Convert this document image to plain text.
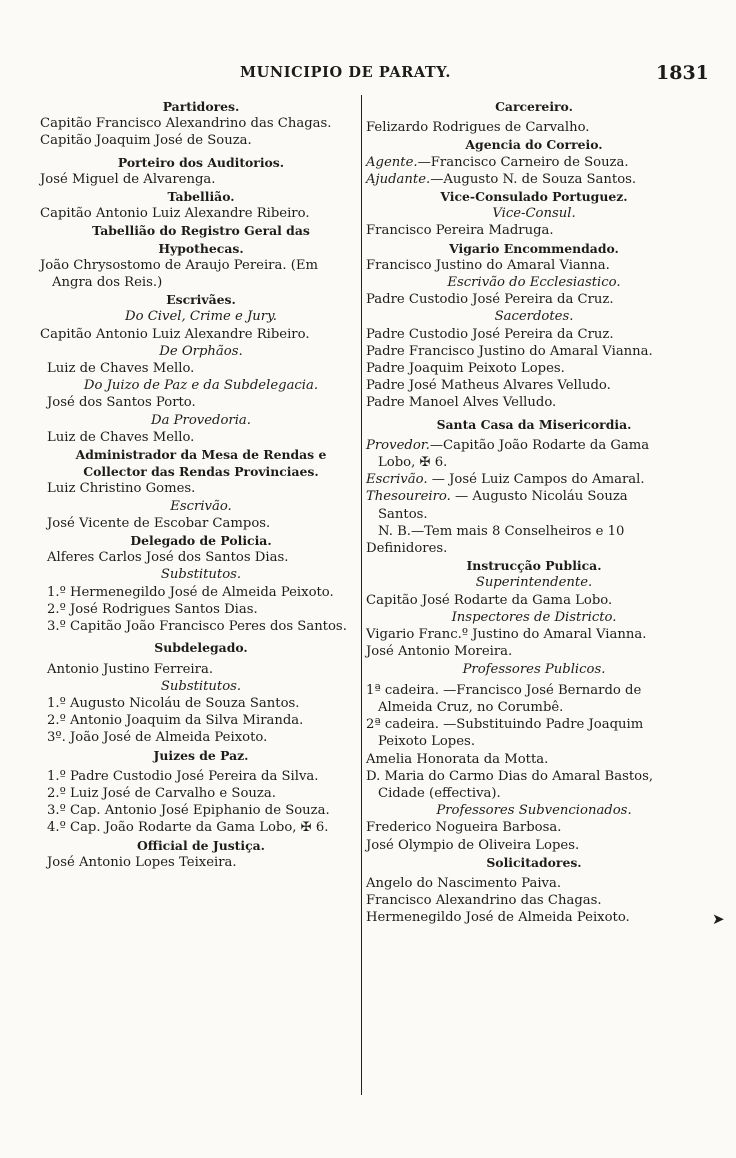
MUNICIPIO DE PARATY.	1831
Partidores.
Capitão Francisco Alexandrino das Chagas.
Capitão Joaquim José de Souza.
Porteiro dos Auditorios.
José Miguel de Alvarenga.
Tabellião.
Capitão Antonio Luiz Alexandre Ribeiro.
Tabellião do Registro Geral das
Hypothecas.
João Chrysostomo de Araujo Pereira. (Em
Angra dos Reis.)
Escrivães.
Do Civel, Crime e Jury.
Capitão Antonio Luiz Alexandre Ribeiro.
De Orphãos.
Luiz de Chaves Mello.
Do Juizo de Paz e da Subdelegacia.
José dos Santos Porto.
Da Provedoria.
Luiz de Chaves Mello.
Administrador da Mesa de Rendas e
Collector das Rendas Provinciaes.
Luiz Christino Gomes.
Escrivão.
José Vicente de Escobar Campos.
Delegado de Policia.
Alferes Carlos José dos Santos Dias.
Substitutos.
1.º Hermenegildo José de Almeida Peixoto.
2.º José Rodrigues Santos Dias.
3.º Capitão João Francisco Peres dos Santos.
Subdelegado.
Antonio Justino Ferreira.
Substitutos.
1.º Augusto Nicoláu de Souza Santos.
2.º Antonio Joaquim da Silva Miranda.
3º. João José de Almeida Peixoto.
Juizes de Paz.
1.º Padre Custodio José Pereira da Silva.
2.º Luiz José de Carvalho e Souza.
3.º Cap. Antonio José Epiphanio de Souza.
4.º Cap. João Rodarte da Gama Lobo, ✠ 6.
Official de Justiça.
José Antonio Lopes Teixeira.
Carcereiro.
Felizardo Rodrigues de Carvalho.
Agencia do Correio.
Agente.—Francisco Carneiro de Souza.
Ajudante.—Augusto N. de Souza Santos.
Vice-Consulado Portuguez.
Vice-Consul.
Francisco Pereira Madruga.
Vigario Encommendado.
Francisco Justino do Amaral Vianna.
Escrivão do Ecclesiastico.
Padre Custodio José Pereira da Cruz.
Sacerdotes.
Padre Custodio José Pereira da Cruz.
Padre Francisco Justino do Amaral Vianna.
Padre Joaquim Peixoto Lopes.
Padre José Matheus Alvares Velludo.
Padre Manoel Alves Velludo.
Santa Casa da Misericordia.
Provedor.—Capitão João Rodarte da Gama
Lobo, ✠ 6.
Escrivão. — José Luiz Campos do Amaral.
Thesoureiro. — Augusto Nicoláu Souza
Santos.
N. B.—Tem mais 8 Conselheiros e 10
Definidores.
Instrucção Publica.
Superintendente.
Capitão José Rodarte da Gama Lobo.
Inspectores de Districto.
Vigario Franc.º Justino do Amaral Vianna.
José Antonio Moreira.
Professores Publicos.
1ª cadeira. —Francisco José Bernardo de
Almeida Cruz, no Corumbê.
2ª cadeira. —Substituindo Padre Joaquim
Peixoto Lopes.
Amelia Honorata da Motta.
D. Maria do Carmo Dias do Amaral Bastos,
Cidade (effectiva).
Professores Subvencionados.
Frederico Nogueira Barbosa.
José Olympio de Oliveira Lopes.
Solicitadores.
Angelo do Nascimento Paiva.
Francisco Alexandrino das Chagas.
Hermenegildo José de Almeida Peixoto.	➤
